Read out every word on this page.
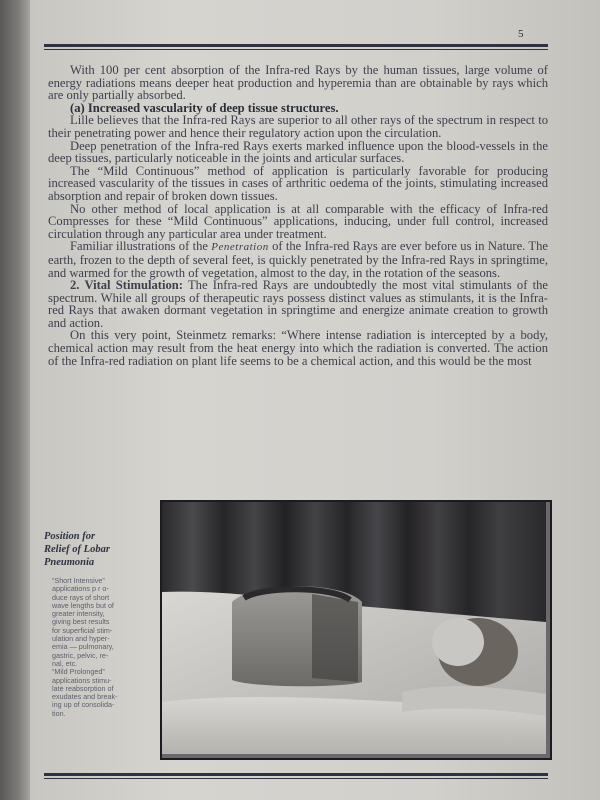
5

With 100 per cent absorption of the Infra-red Rays by the human tissues, large volume of energy radiations means deeper heat production and hyperemia than are obtainable by rays which are only partially absorbed.

(a) Increased vascularity of deep tissue structures.

Lille believes that the Infra-red Rays are superior to all other rays of the spectrum in respect to their penetrating power and hence their regulatory action upon the circulation.

Deep penetration of the Infra-red Rays exerts marked influence upon the blood-vessels in the deep tissues, particularly noticeable in the joints and articular surfaces.

The “Mild Continuous” method of application is particularly favorable for producing increased vascularity of the tissues in cases of arthritic oedema of the joints, stimulating increased absorption and repair of broken down tissues.

No other method of local application is at all comparable with the efficacy of Infra-red Compresses for these “Mild Continuous” applications, inducing, under full control, increased circulation through any particular area under treatment.

Familiar illustrations of the Penetration of the Infra-red Rays are ever before us in Nature. The earth, frozen to the depth of several feet, is quickly penetrated by the Infra-red Rays in springtime, and warmed for the growth of vegetation, almost to the day, in the rotation of the seasons.

2. Vital Stimulation: The Infra-red Rays are undoubtedly the most vital stimulants of the spectrum. While all groups of therapeutic rays possess distinct values as stimulants, it is the Infra-red Rays that awaken dormant vegetation in springtime and energize animate creation to growth and action.

On this very point, Steinmetz remarks: “Where intense radiation is intercepted by a body, chemical action may result from the heat energy into which the radiation is converted. The action of the Infra-red radiation on plant life seems to be a chemical action, and this would be the most

Position for
Relief of Lobar
Pneumonia

“Short Intensive”
applications p r o-
duce rays of short
wave lengths but of
greater intensity,
giving best results
for superficial stim-
ulation and hyper-
emia — pulmonary,
gastric, pelvic, re-
nal, etc.
“Mild Prolonged”
applications stimu-
late reabsorption of
exudates and break-
ing up of consolida-
tion.
